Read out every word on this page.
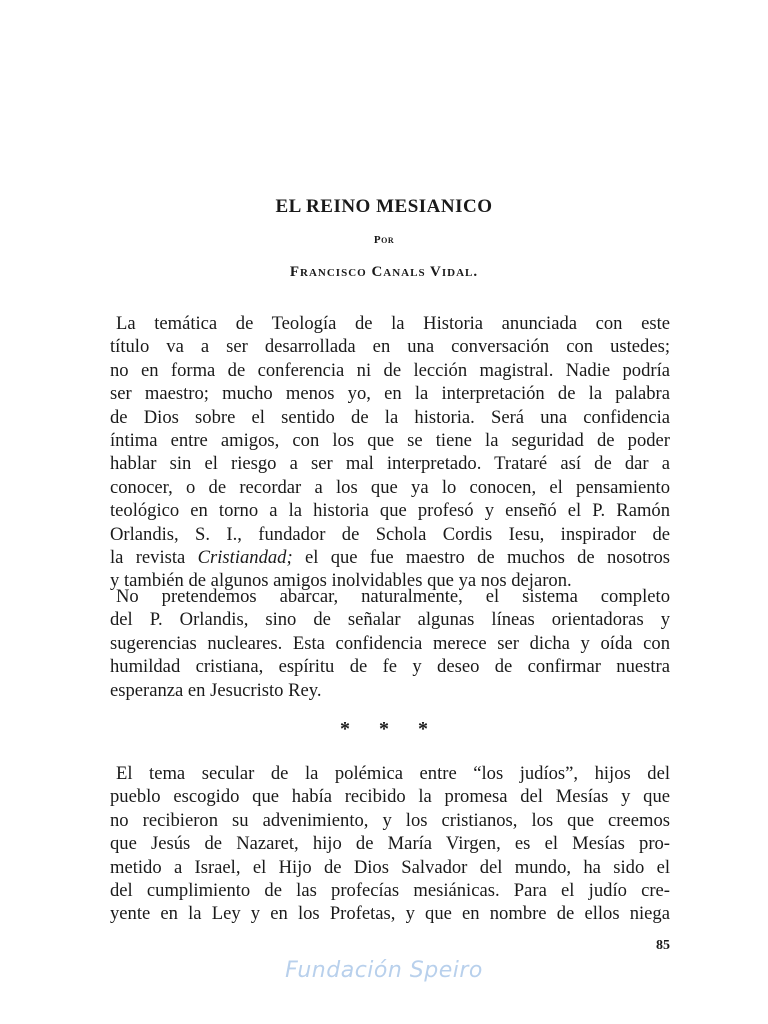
EL REINO MESIANICO
Por
Francisco Canals Vidal.
La temática de Teología de la Historia anunciada con este
título va a ser desarrollada en una conversación con ustedes;
no en forma de conferencia ni de lección magistral. Nadie podría
ser maestro; mucho menos yo, en la interpretación de la palabra
de Dios sobre el sentido de la historia. Será una confidencia
íntima entre amigos, con los que se tiene la seguridad de poder
hablar sin el riesgo a ser mal interpretado. Trataré así de dar a
conocer, o de recordar a los que ya lo conocen, el pensamiento
teológico en torno a la historia que profesó y enseñó el P. Ramón
Orlandis, S. I., fundador de Schola Cordis Iesu, inspirador de
la revista Cristiandad; el que fue maestro de muchos de nosotros
y también de algunos amigos inolvidables que ya nos dejaron.
No pretendemos abarcar, naturalmente, el sistema completo
del P. Orlandis, sino de señalar algunas líneas orientadoras y
sugerencias nucleares. Esta confidencia merece ser dicha y oída con
humildad cristiana, espíritu de fe y deseo de confirmar nuestra
esperanza en Jesucristo Rey.
* * *
El tema secular de la polémica entre “los judíos”, hijos del
pueblo escogido que había recibido la promesa del Mesías y que
no recibieron su advenimiento, y los cristianos, los que creemos
que Jesús de Nazaret, hijo de María Virgen, es el Mesías pro-
metido a Israel, el Hijo de Dios Salvador del mundo, ha sido el
del cumplimiento de las profecías mesiánicas. Para el judío cre-
yente en la Ley y en los Profetas, y que en nombre de ellos niega
85
Fundación Speiro
